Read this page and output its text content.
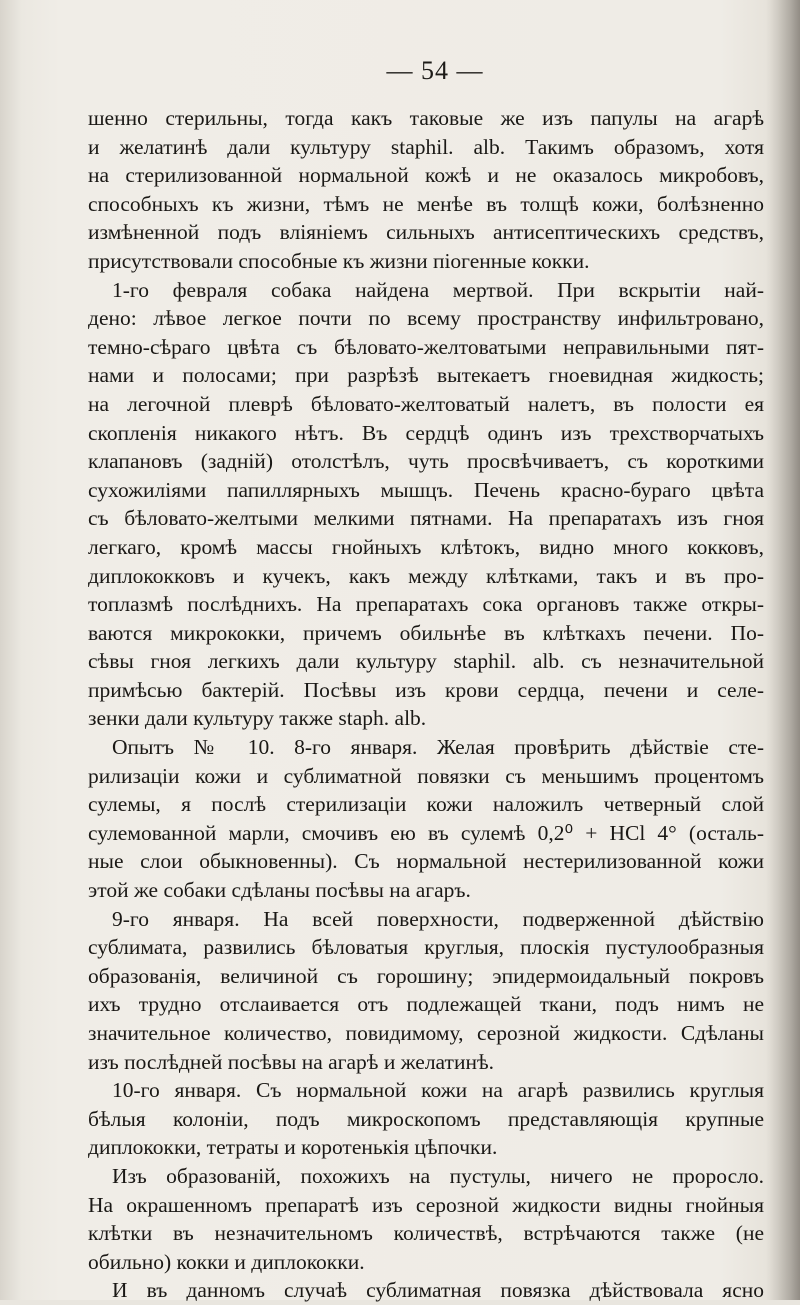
— 54 —
шенно стерильны, тогда какъ таковые же изъ папулы на агарѣ
и желатинѣ дали культуру staphil. alb. Такимъ образомъ, хотя
на стерилизованной нормальной кожѣ и не оказалось микробовъ,
способныхъ къ жизни, тѣмъ не менѣе въ толщѣ кожи, болѣзненно
измѣненной подъ вліяніемъ сильныхъ антисептическихъ средствъ,
присутствовали способные къ жизни піогенные кокки.
1-го февраля собака найдена мертвой. При вскрытіи най-
дено: лѣвое легкое почти по всему пространству инфильтровано,
темно-сѣраго цвѣта съ бѣловато-желтоватыми неправильными пят-
нами и полосами; при разрѣзѣ вытекаетъ гноевидная жидкость;
на легочной плеврѣ бѣловато-желтоватый налетъ, въ полости ея
скопленія никакого нѣтъ. Въ сердцѣ одинъ изъ трехстворчатыхъ
клапановъ (задній) отолстѣлъ, чуть просвѣчиваетъ, съ короткими
сухожиліями папиллярныхъ мышцъ. Печень красно-бураго цвѣта
съ бѣловато-желтыми мелкими пятнами. На препаратахъ изъ гноя
легкаго, кромѣ массы гнойныхъ клѣтокъ, видно много кокковъ,
диплококковъ и кучекъ, какъ между клѣтками, такъ и въ про-
топлазмѣ послѣднихъ. На препаратахъ сока органовъ также откры-
ваются микрококки, причемъ обильнѣе въ клѣткахъ печени. По-
сѣвы гноя легкихъ дали культуру staphil. alb. съ незначительной
примѣсью бактерій. Посѣвы изъ крови сердца, печени и селе-
зенки дали культуру также staph. alb.
Опытъ № 10. 8-го января. Желая провѣрить дѣйствіе сте-
рилизаціи кожи и сублиматной повязки съ меньшимъ процентомъ
сулемы, я послѣ стерилизаціи кожи наложилъ четверный слой
сулемованной марли, смочивъ ею въ сулемѣ 0,2⁰ + HCl 4° (осталь-
ные слои обыкновенны). Съ нормальной нестерилизованной кожи
этой же собаки сдѣланы посѣвы на агаръ.
9-го января. На всей поверхности, подверженной дѣйствію
сублимата, развились бѣловатыя круглыя, плоскія пустулообразныя
образованія, величиной съ горошину; эпидермоидальный покровъ
ихъ трудно отслаивается отъ подлежащей ткани, подъ нимъ не
значительное количество, повидимому, серозной жидкости. Сдѣланы
изъ послѣдней посѣвы на агарѣ и желатинѣ.
10-го января. Съ нормальной кожи на агарѣ развились круглыя
бѣлыя колоніи, подъ микроскопомъ представляющія крупные
диплококки, тетраты и коротенькія цѣпочки.
Изъ образованій, похожихъ на пустулы, ничего не проросло.
На окрашенномъ препаратѣ изъ серозной жидкости видны гнойныя
клѣтки въ незначительномъ количествѣ, встрѣчаются также (не
обильно) кокки и диплококки.
И въ данномъ случаѣ сублиматная повязка дѣйствовала ясно
